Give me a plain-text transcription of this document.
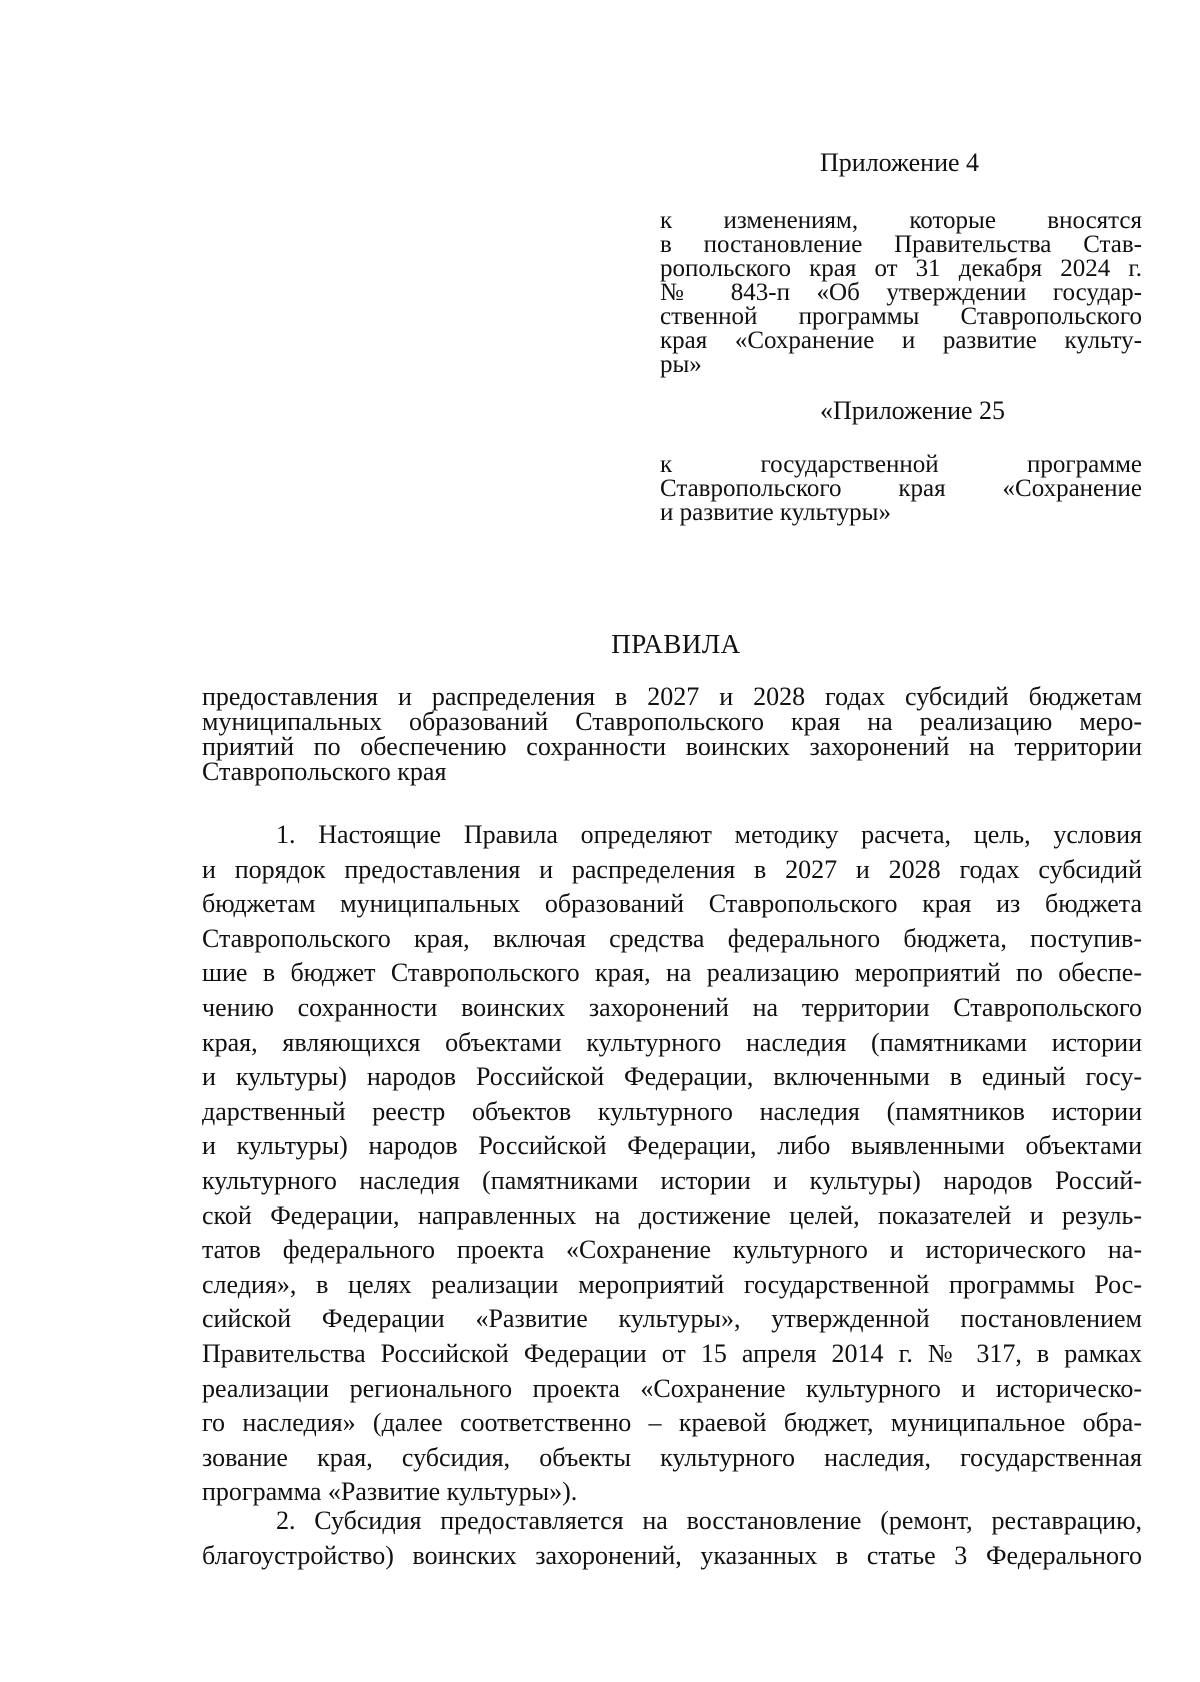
Приложение 4
к изменениям, которые вносятся
в постановление Правительства Став-
ропольского края от 31 декабря 2024 г.
№ 843-п «Об утверждении государ-
ственной программы Ставропольского
края «Сохранение и развитие культу-
ры»
«Приложение 25
к государственной программе
Ставропольского края «Сохранение
и развитие культуры»
ПРАВИЛА
предоставления и распределения в 2027 и 2028 годах субсидий бюджетам
муниципальных образований Ставропольского края на реализацию меро-
приятий по обеспечению сохранности воинских захоронений на территории
Ставропольского края
1. Настоящие Правила определяют методику расчета, цель, условия
и порядок предоставления и распределения в 2027 и 2028 годах субсидий
бюджетам муниципальных образований Ставропольского края из бюджета
Ставропольского края, включая средства федерального бюджета, поступив-
шие в бюджет Ставропольского края, на реализацию мероприятий по обеспе-
чению сохранности воинских захоронений на территории Ставропольского
края, являющихся объектами культурного наследия (памятниками истории
и культуры) народов Российской Федерации, включенными в единый госу-
дарственный реестр объектов культурного наследия (памятников истории
и культуры) народов Российской Федерации, либо выявленными объектами
культурного наследия (памятниками истории и культуры) народов Россий-
ской Федерации, направленных на достижение целей, показателей и резуль-
татов федерального проекта «Сохранение культурного и исторического на-
следия», в целях реализации мероприятий государственной программы Рос-
сийской Федерации «Развитие культуры», утвержденной постановлением
Правительства Российской Федерации от 15 апреля 2014 г. № 317, в рамках
реализации регионального проекта «Сохранение культурного и историческо-
го наследия» (далее соответственно – краевой бюджет, муниципальное обра-
зование края, субсидия, объекты культурного наследия, государственная
программа «Развитие культуры»).
2. Субсидия предоставляется на восстановление (ремонт, реставрацию,
благоустройство) воинских захоронений, указанных в статье 3 Федерального
